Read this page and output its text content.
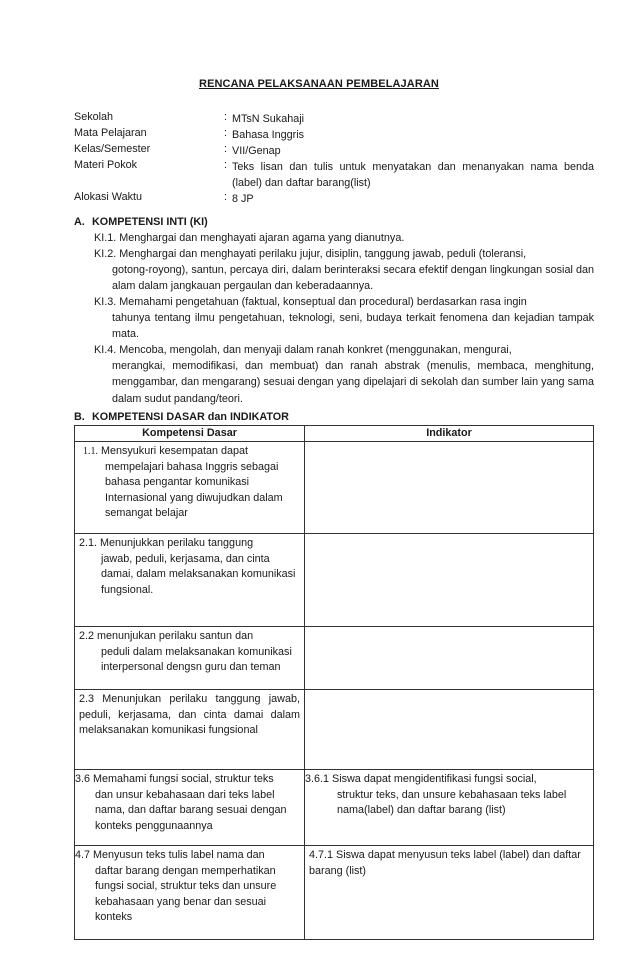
RENCANA PELAKSANAAN PEMBELAJARAN
Sekolah	: MTsN Sukahaji
Mata Pelajaran	: Bahasa Inggris
Kelas/Semester	: VII/Genap
Materi Pokok	: Teks lisan dan tulis untuk menyatakan dan menanyakan nama benda (label) dan daftar barang(list)
Alokasi Waktu	: 8 JP
A. KOMPETENSI INTI (KI)
KI.1. Menghargai dan menghayati ajaran agama yang dianutnya.
KI.2. Menghargai dan menghayati perilaku jujur, disiplin, tanggung jawab, peduli (toleransi,
gotong-royong), santun, percaya diri, dalam berinteraksi secara efektif dengan lingkungan sosial dan alam dalam jangkauan pergaulan dan keberadaannya.
KI.3. Memahami pengetahuan (faktual, konseptual dan procedural) berdasarkan rasa ingin
tahunya tentang ilmu pengetahuan, teknologi, seni, budaya terkait fenomena dan kejadian tampak mata.
KI.4. Mencoba, mengolah, dan menyaji dalam ranah konkret (menggunakan, mengurai,
merangkai, memodifikasi, dan membuat) dan ranah abstrak (menulis, membaca, menghitung, menggambar, dan mengarang) sesuai dengan yang dipelajari di sekolah dan sumber lain yang sama dalam sudut pandang/teori.
B. KOMPETENSI DASAR dan INDIKATOR
Kompetensi Dasar	Indikator

1.1. Mensyukuri kesempatan dapat
mempelajari bahasa Inggris sebagai bahasa pengantar komunikasi Internasional yang diwujudkan dalam semangat belajar	

2.1. Menunjukkan perilaku tanggung
jawab, peduli, kerjasama, dan cinta damai, dalam melaksanakan komunikasi fungsional.	

2.2 menunjukan perilaku santun dan
peduli dalam melaksanakan komunikasi interpersonal dengsn guru dan teman	

2.3 Menunjukan perilaku tanggung jawab, peduli, kerjasama, dan cinta damai dalam melaksanakan komunikasi fungsional	

3.6 Memahami fungsi social, struktur teks
dan unsur kebahasaan dari teks label nama, dan daftar barang sesuai dengan konteks penggunaannya	3.6.1 Siswa dapat mengidentifikasi fungsi social,
struktur teks, dan unsure kebahasaan teks label nama(label) dan daftar barang (list)

4.7 Menyusun teks tulis label nama dan
daftar barang dengan memperhatikan fungsi social, struktur teks dan unsure kebahasaan yang benar dan sesuai konteks	4.7.1 Siswa dapat menyusun teks label (label) dan daftar barang (list)
